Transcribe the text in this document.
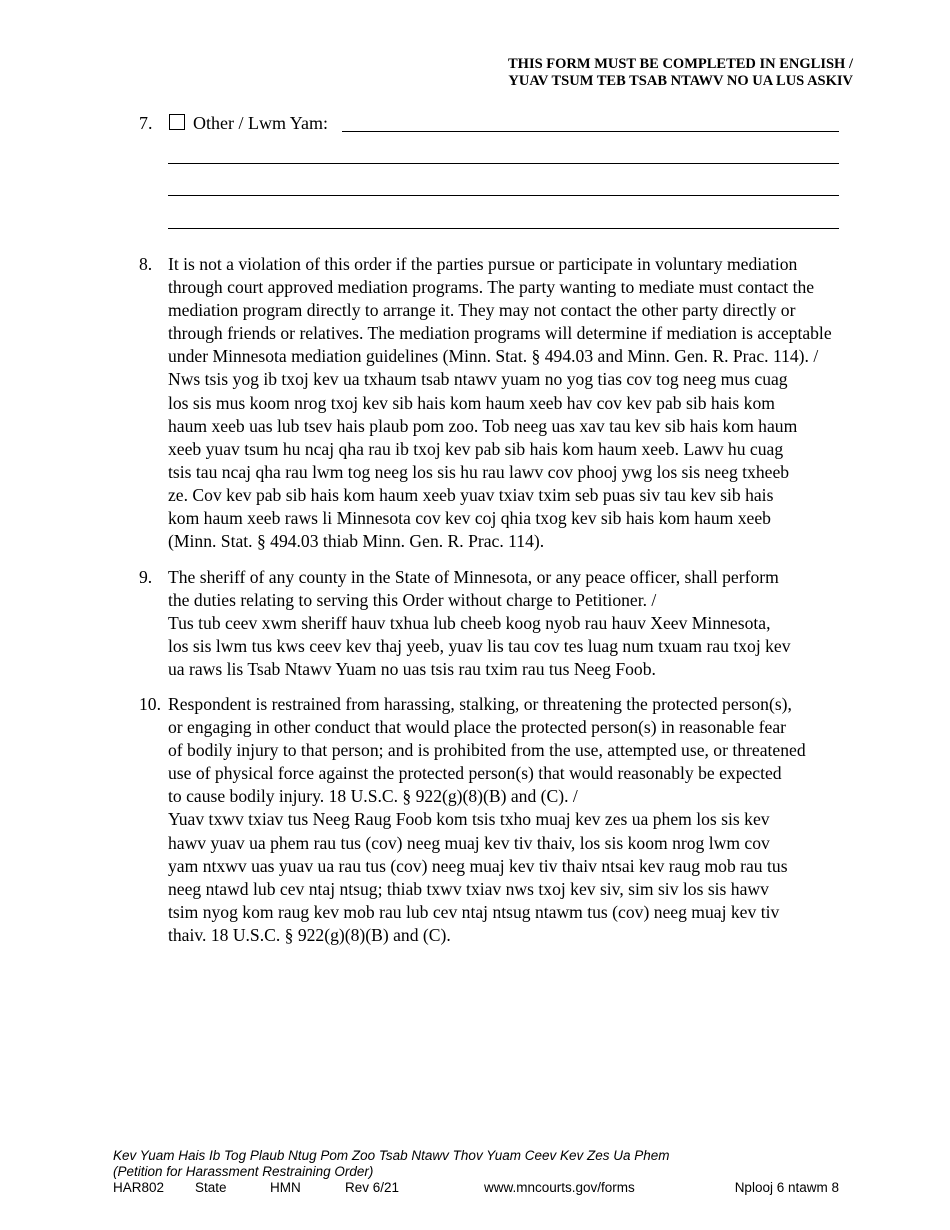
THIS FORM MUST BE COMPLETED IN ENGLISH /
YUAV TSUM TEB TSAB NTAWV NO UA LUS ASKIV
7. Other / Lwm Yam:
8. It is not a violation of this order if the parties pursue or participate in voluntary mediation
through court approved mediation programs. The party wanting to mediate must contact the
mediation program directly to arrange it. They may not contact the other party directly or
through friends or relatives. The mediation programs will determine if mediation is acceptable
under Minnesota mediation guidelines (Minn. Stat. § 494.03 and Minn. Gen. R. Prac. 114). /
Nws tsis yog ib txoj kev ua txhaum tsab ntawv yuam no yog tias cov tog neeg mus cuag
los sis mus koom nrog txoj kev sib hais kom haum xeeb hav cov kev pab sib hais kom
haum xeeb uas lub tsev hais plaub pom zoo. Tob neeg uas xav tau kev sib hais kom haum
xeeb yuav tsum hu ncaj qha rau ib txoj kev pab sib hais kom haum xeeb. Lawv hu cuag
tsis tau ncaj qha rau lwm tog neeg los sis hu rau lawv cov phooj ywg los sis neeg txheeb
ze. Cov kev pab sib hais kom haum xeeb yuav txiav txim seb puas siv tau kev sib hais
kom haum xeeb raws li Minnesota cov kev coj qhia txog kev sib hais kom haum xeeb
(Minn. Stat. § 494.03 thiab Minn. Gen. R. Prac. 114).
9. The sheriff of any county in the State of Minnesota, or any peace officer, shall perform
the duties relating to serving this Order without charge to Petitioner. /
Tus tub ceev xwm sheriff hauv txhua lub cheeb koog nyob rau hauv Xeev Minnesota,
los sis lwm tus kws ceev kev thaj yeeb, yuav lis tau cov tes luag num txuam rau txoj kev
ua raws lis Tsab Ntawv Yuam no uas tsis rau txim rau tus Neeg Foob.
10. Respondent is restrained from harassing, stalking, or threatening the protected person(s),
or engaging in other conduct that would place the protected person(s) in reasonable fear
of bodily injury to that person; and is prohibited from the use, attempted use, or threatened
use of physical force against the protected person(s) that would reasonably be expected
to cause bodily injury. 18 U.S.C. § 922(g)(8)(B) and (C). /
Yuav txwv txiav tus Neeg Raug Foob kom tsis txho muaj kev zes ua phem los sis kev
hawv yuav ua phem rau tus (cov) neeg muaj kev tiv thaiv, los sis koom nrog lwm cov
yam ntxwv uas yuav ua rau tus (cov) neeg muaj kev tiv thaiv ntsai kev raug mob rau tus
neeg ntawd lub cev ntaj ntsug; thiab txwv txiav nws txoj kev siv, sim siv los sis hawv
tsim nyog kom raug kev mob rau lub cev ntaj ntsug ntawm tus (cov) neeg muaj kev tiv
thaiv. 18 U.S.C. § 922(g)(8)(B) and (C).
Kev Yuam Hais Ib Tog Plaub Ntug Pom Zoo Tsab Ntawv Thov Yuam Ceev Kev Zes Ua Phem
(Petition for Harassment Restraining Order)
HAR802 State	HMN	Rev 6/21	www.mncourts.gov/forms	Nplooj 6 ntawm 8
